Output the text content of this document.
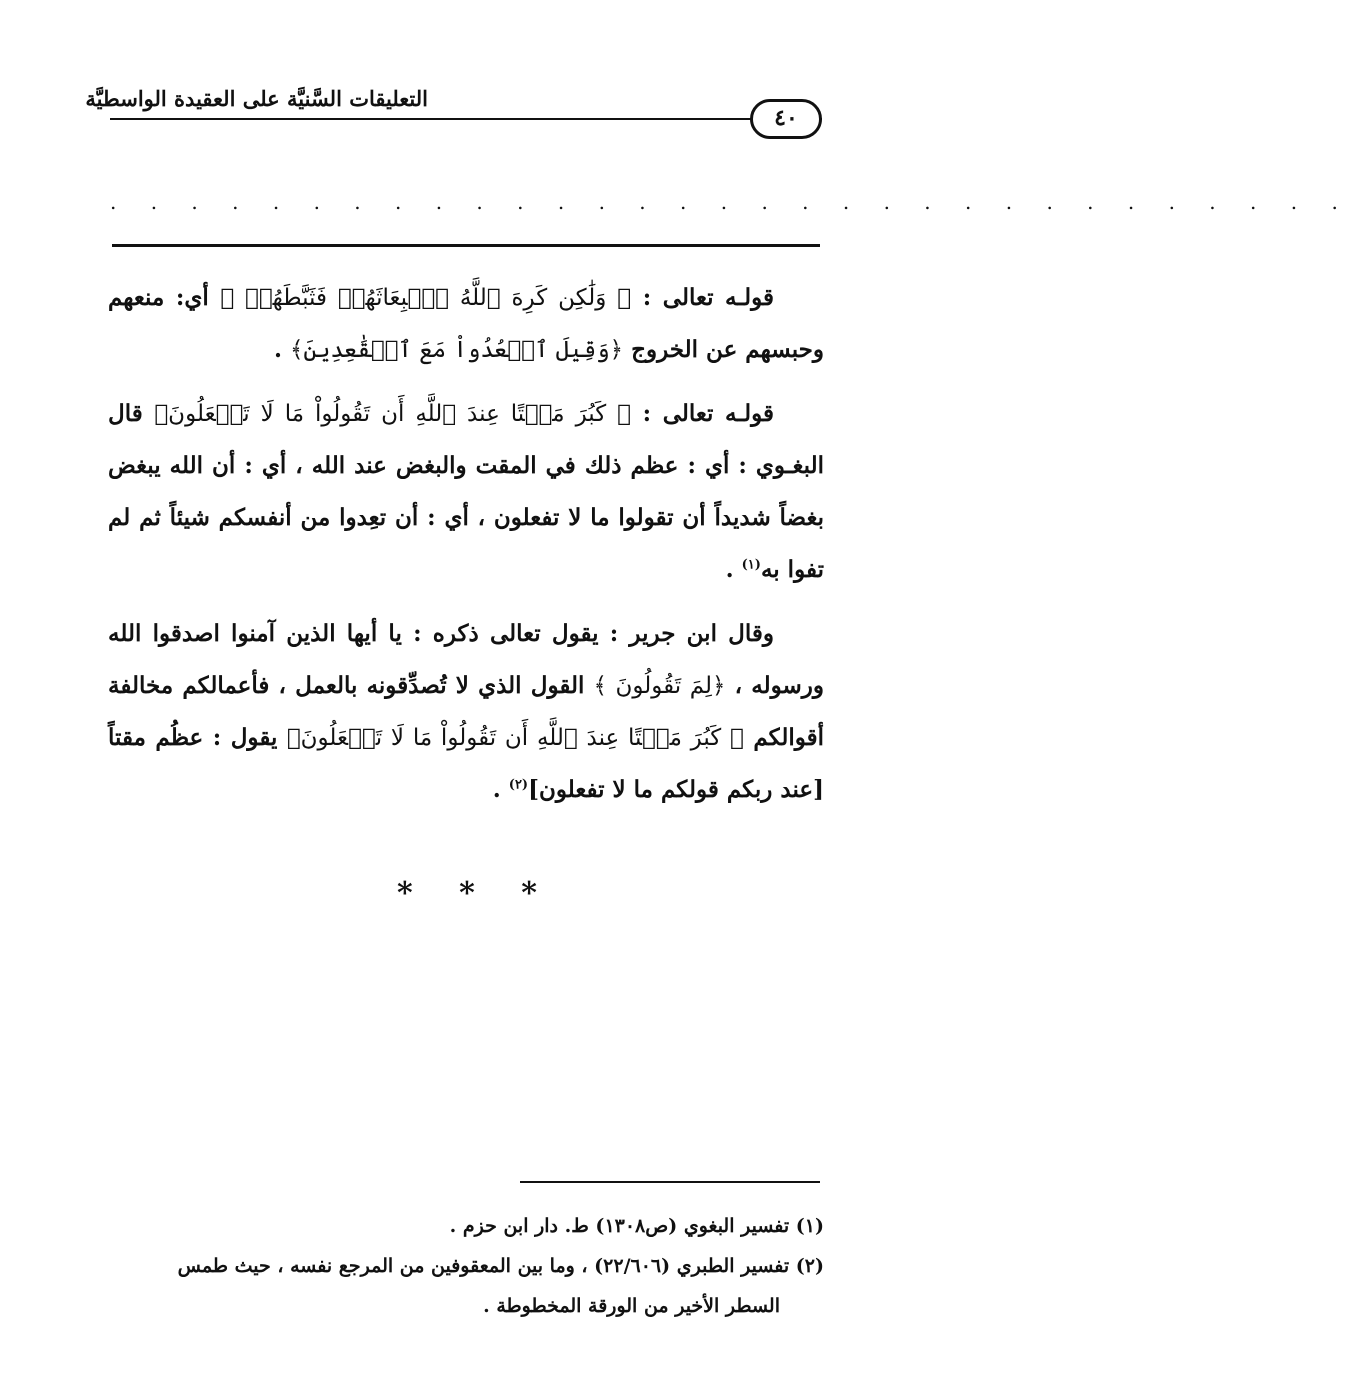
التعليقات السَّنيَّة على العقيدة الواسطيَّة
٤٠
. . . . . . . . . . . . . . . . . . . . . . . . . . . . . . .

قولـه تعالى : ﴿ وَلَٰكِن كَرِهَ ٱللَّهُ ٱنۢبِعَاثَهُمۡ فَثَبَّطَهُمۡ ﴾ أي: منعهم وحبسهم عن الخروج ﴿وَقِيلَ ٱقۡعُدُواْ مَعَ ٱلۡقَٰعِدِينَ﴾ .

قولـه تعالى : ﴿ كَبُرَ مَقۡتًا عِندَ ٱللَّهِ أَن تَقُولُواْ مَا لَا تَفۡعَلُونَ﴾ قال البغـوي : أي : عظم ذلك في المقت والبغض عند الله ، أي : أن الله يبغض بغضاً شديداً أن تقولوا ما لا تفعلون ، أي : أن تعِدوا من أنفسكم شيئاً ثم لم تفوا به$^{(١)}$ .

وقال ابن جرير : يقول تعالى ذكره : يا أيها الذين آمنوا اصدقوا الله ورسوله ، ﴿لِمَ تَقُولُونَ ﴾ القول الذي لا تُصدِّقونه بالعمل ، فأعمالكم مخالفة أقوالكم ﴿ كَبُرَ مَقۡتًا عِندَ ٱللَّهِ أَن تَقُولُواْ مَا لَا تَفۡعَلُونَ﴾ يقول : عظُم مقتاً [عند ربكم قولكم ما لا تفعلون]$^{(٢)}$ .

* * *

(١) تفسير البغوي (ص١٣٠٨) ط. دار ابن حزم .

(٢) تفسير الطبري (٢٢/٦٠٦) ، وما بين المعقوفين من المرجع نفسه ، حيث طمس

السطر الأخير من الورقة المخطوطة .
